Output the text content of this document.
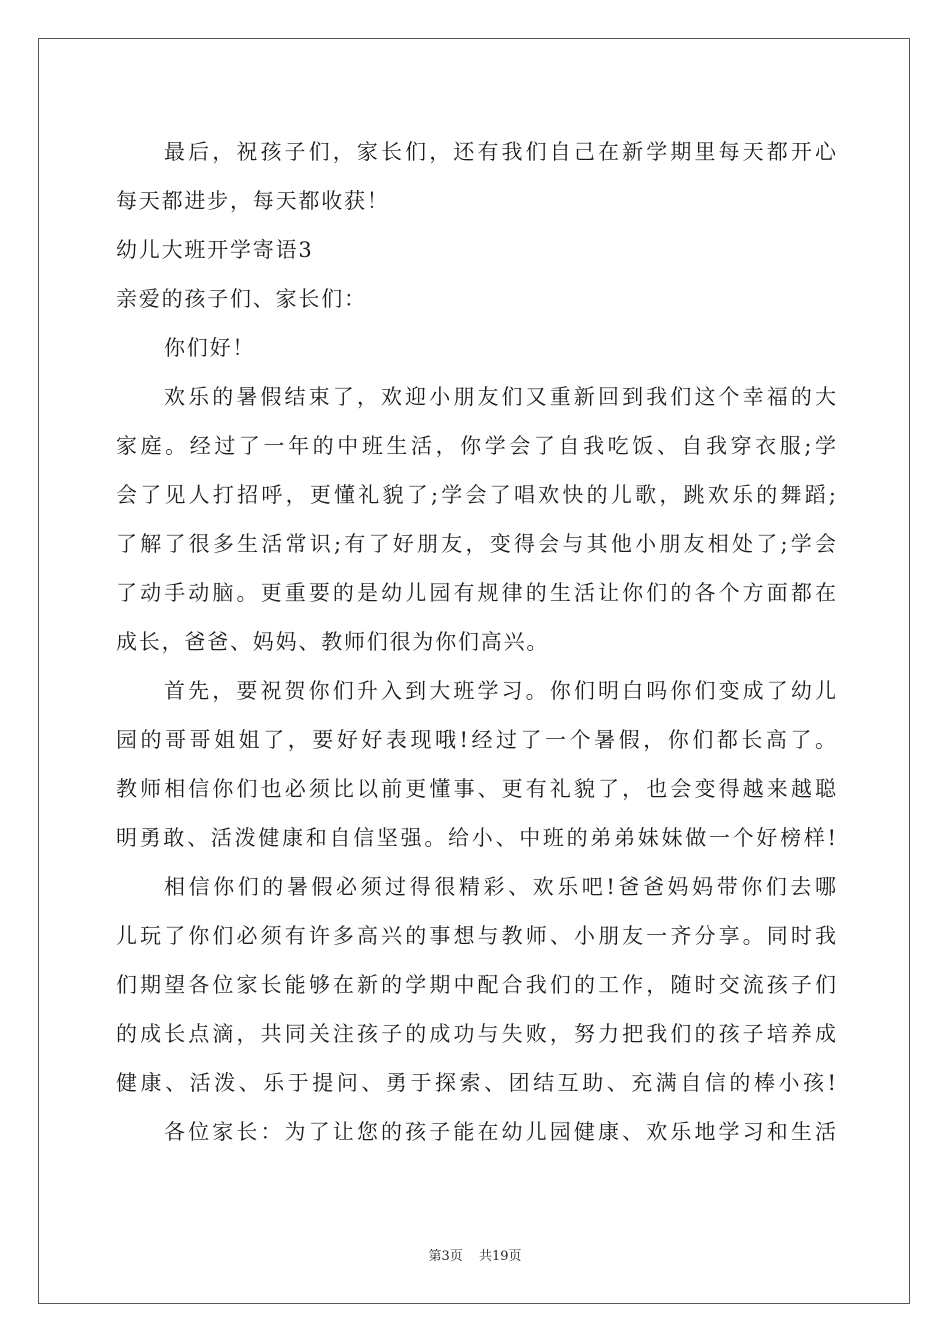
最后，祝孩子们，家长们，还有我们自己在新学期里每天都开心
每天都进步，每天都收获！
幼儿大班开学寄语3
亲爱的孩子们、家长们：
你们好！
欢乐的暑假结束了，欢迎小朋友们又重新回到我们这个幸福的大
家庭。经过了一年的中班生活，你学会了自我吃饭、自我穿衣服;学
会了见人打招呼，更懂礼貌了;学会了唱欢快的儿歌，跳欢乐的舞蹈;
了解了很多生活常识;有了好朋友，变得会与其他小朋友相处了;学会
了动手动脑。更重要的是幼儿园有规律的生活让你们的各个方面都在
成长，爸爸、妈妈、教师们很为你们高兴。
首先，要祝贺你们升入到大班学习。你们明白吗你们变成了幼儿
园的哥哥姐姐了，要好好表现哦!经过了一个暑假，你们都长高了。
教师相信你们也必须比以前更懂事、更有礼貌了，也会变得越来越聪
明勇敢、活泼健康和自信坚强。给小、中班的弟弟妹妹做一个好榜样!
相信你们的暑假必须过得很精彩、欢乐吧!爸爸妈妈带你们去哪
儿玩了你们必须有许多高兴的事想与教师、小朋友一齐分享。同时我
们期望各位家长能够在新的学期中配合我们的工作，随时交流孩子们
的成长点滴，共同关注孩子的成功与失败，努力把我们的孩子培养成
健康、活泼、乐于提问、勇于探索、团结互助、充满自信的棒小孩!
各位家长：为了让您的孩子能在幼儿园健康、欢乐地学习和生活
第3页 共19页
